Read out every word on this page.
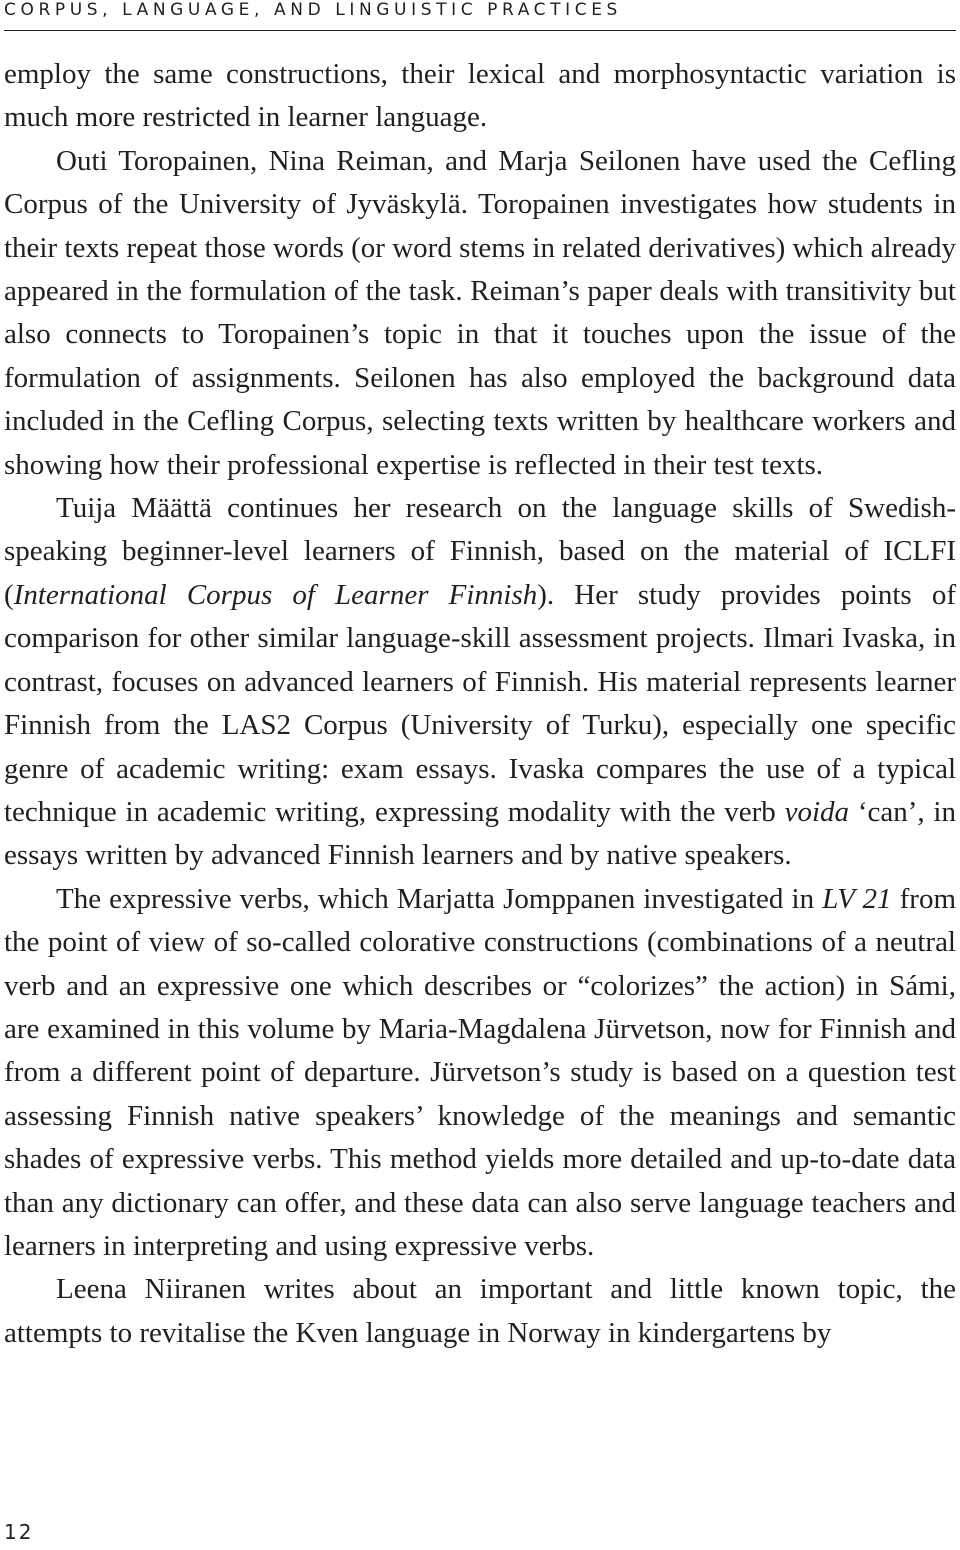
CORPUS, LANGUAGE, AND LINGUISTIC PRACTICES

employ the same constructions, their lexical and morphosyntactic variation is much more restricted in learner language.

Outi Toropainen, Nina Reiman, and Marja Seilonen have used the Cefling Corpus of the University of Jyväskylä. Toropainen investigates how students in their texts repeat those words (or word stems in related derivatives) which already appeared in the formulation of the task. Reiman’s paper deals with transitivity but also connects to Toropainen’s topic in that it touches upon the issue of the formulation of assignments. Seilonen has also employed the background data included in the Cefling Corpus, selecting texts written by healthcare workers and showing how their professional expertise is reflected in their test texts.

Tuija Määttä continues her research on the language skills of Swedish-speaking beginner-level learners of Finnish, based on the material of ICLFI (International Corpus of Learner Finnish). Her study provides points of comparison for other similar language-skill assessment projects. Ilmari Ivaska, in contrast, focuses on advanced learners of Finnish. His material represents learner Finnish from the LAS2 Corpus (University of Turku), especially one specific genre of academic writing: exam essays. Ivaska compares the use of a typical technique in academic writing, expressing modality with the verb voida ‘can’, in essays written by advanced Finnish learners and by native speakers.

The expressive verbs, which Marjatta Jomppanen investigated in LV 21 from the point of view of so-called colorative constructions (combinations of a neutral verb and an expressive one which describes or “colorizes” the action) in Sámi, are examined in this volume by Maria-Magdalena Jürvetson, now for Finnish and from a different point of departure. Jürvetson’s study is based on a question test assessing Finnish native speakers’ knowledge of the meanings and semantic shades of expressive verbs. This method yields more detailed and up-to-date data than any dictionary can offer, and these data can also serve language teachers and learners in interpreting and using expressive verbs.

Leena Niiranen writes about an important and little known topic, the attempts to revitalise the Kven language in Norway in kindergartens by

12
